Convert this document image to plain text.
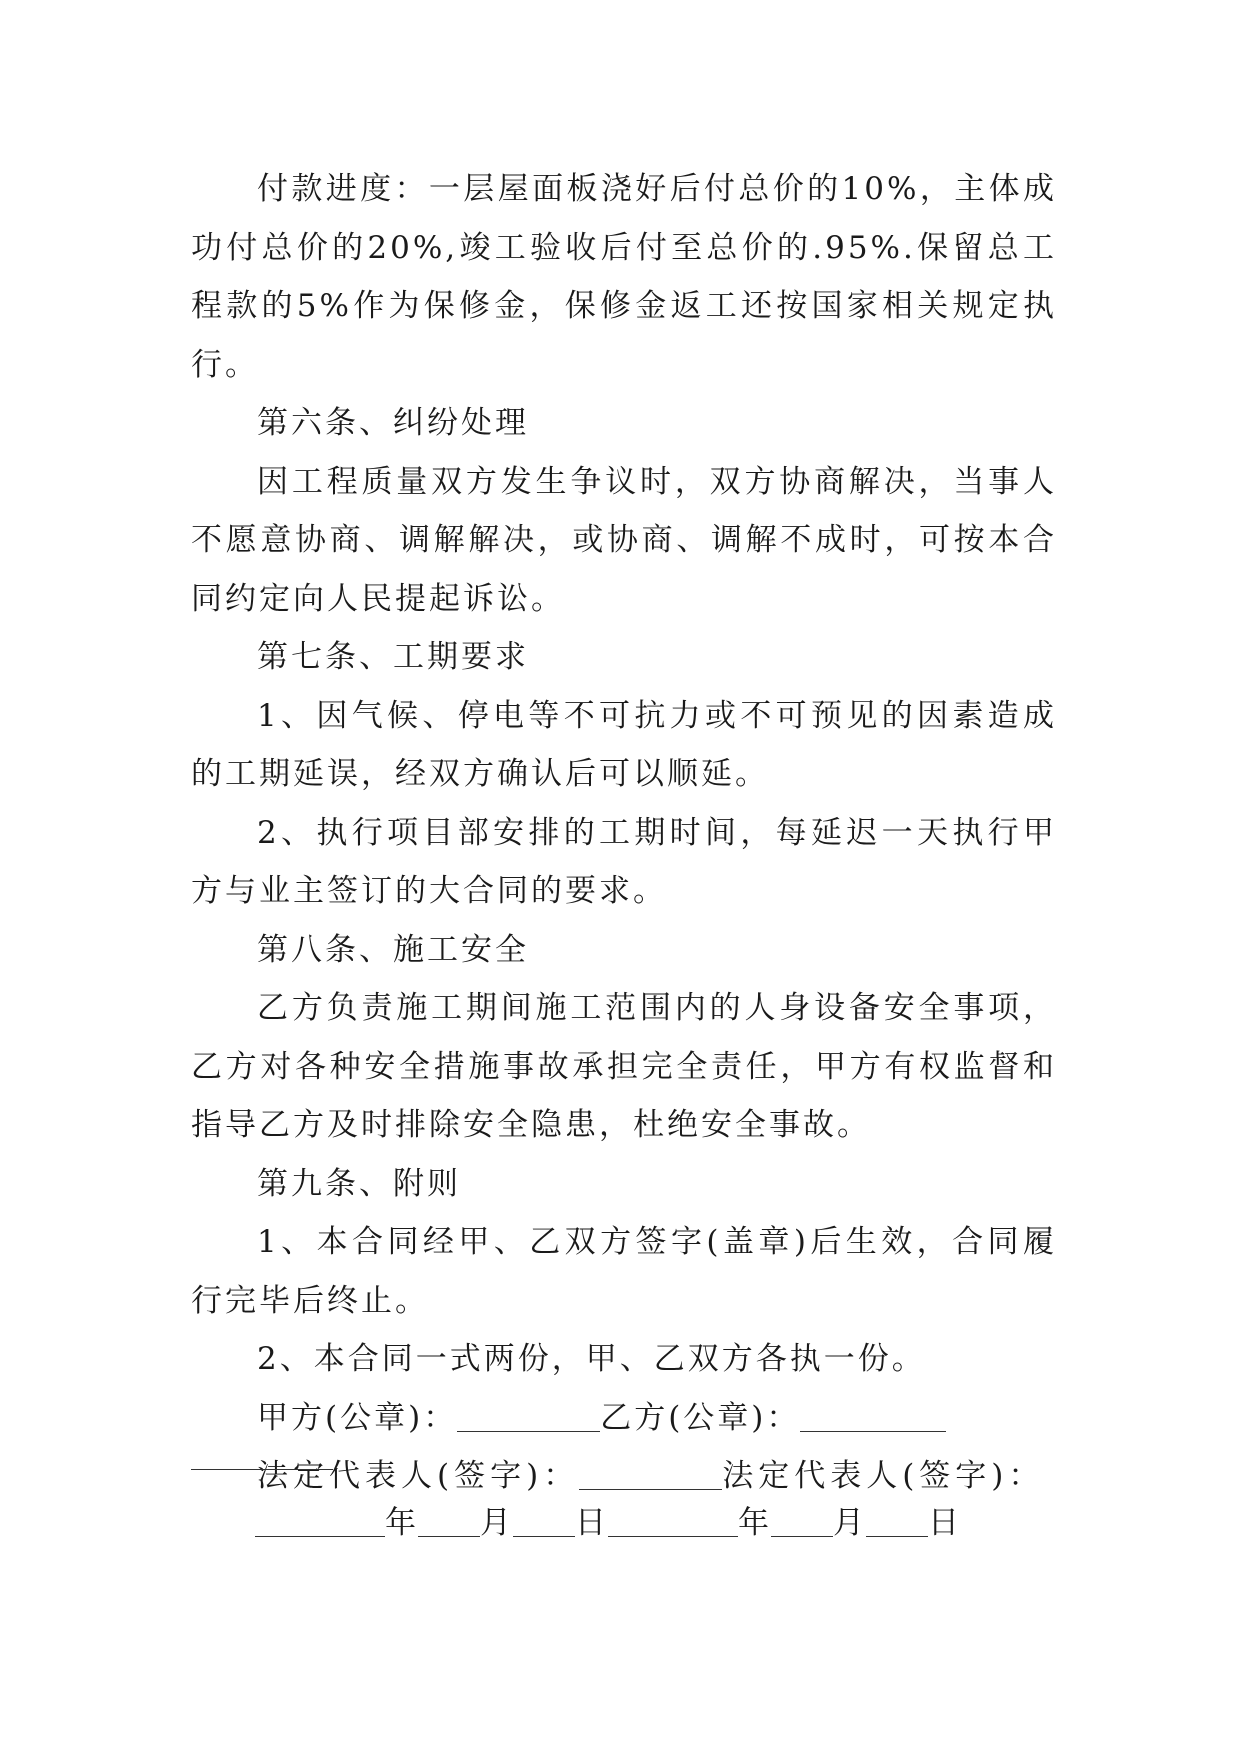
付款进度：一层屋面板浇好后付总价的10%，主体成功付总价的20%,竣工验收后付至总价的.95%.保留总工程款的5%作为保修金，保修金返工还按国家相关规定执行。

第六条、纠纷处理

因工程质量双方发生争议时，双方协商解决，当事人不愿意协商、调解解决，或协商、调解不成时，可按本合同约定向人民提起诉讼。

第七条、工期要求

1、因气候、停电等不可抗力或不可预见的因素造成的工期延误，经双方确认后可以顺延。

2、执行项目部安排的工期时间，每延迟一天执行甲方与业主签订的大合同的要求。

第八条、施工安全

乙方负责施工期间施工范围内的人身设备安全事项，乙方对各种安全措施事故承担完全责任，甲方有权监督和指导乙方及时排除安全隐患，杜绝安全事故。

第九条、附则

1、本合同经甲、乙双方签字(盖章)后生效，合同履行完毕后终止。

2、本合同一式两份，甲、乙双方各执一份。

甲方(公章)：	乙方(公章)：

法定代表人(签字)：	法定代表人(签字)：

年 月 日	年 月 日
